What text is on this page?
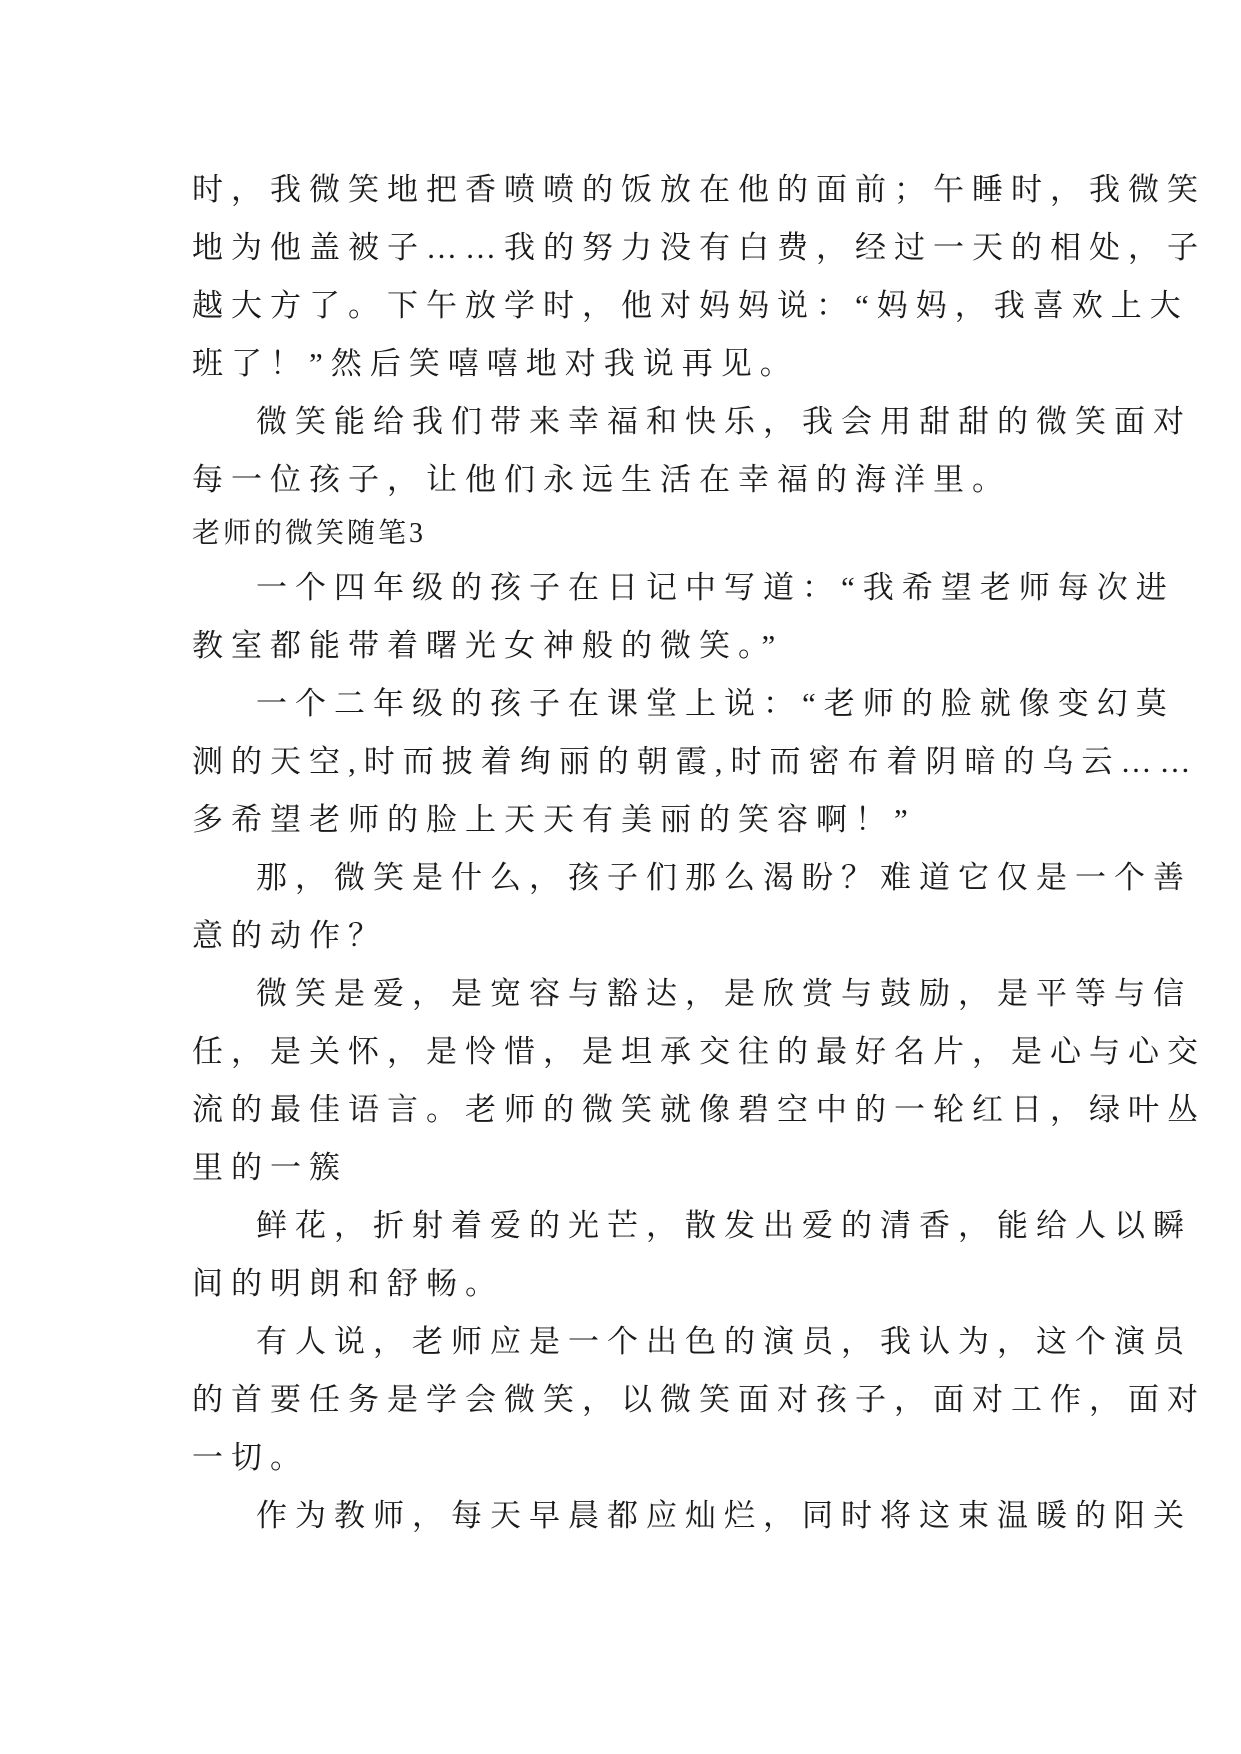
时，我微笑地把香喷喷的饭放在他的面前；午睡时，我微笑
地为他盖被子……我的努力没有白费，经过一天的相处，子
越大方了。下午放学时，他对妈妈说：“妈妈，我喜欢上大
班了！”然后笑嘻嘻地对我说再见。
微笑能给我们带来幸福和快乐，我会用甜甜的微笑面对
每一位孩子，让他们永远生活在幸福的海洋里。
老师的微笑随笔3
一个四年级的孩子在日记中写道：“我希望老师每次进
教室都能带着曙光女神般的微笑。”
一个二年级的孩子在课堂上说：“老师的脸就像变幻莫
测的天空,时而披着绚丽的朝霞,时而密布着阴暗的乌云……
多希望老师的脸上天天有美丽的笑容啊！”
那，微笑是什么，孩子们那么渴盼？难道它仅是一个善
意的动作？
微笑是爱，是宽容与豁达，是欣赏与鼓励，是平等与信
任，是关怀，是怜惜，是坦承交往的最好名片，是心与心交
流的最佳语言。老师的微笑就像碧空中的一轮红日，绿叶丛
里的一簇
鲜花，折射着爱的光芒，散发出爱的清香，能给人以瞬
间的明朗和舒畅。
有人说，老师应是一个出色的演员，我认为，这个演员
的首要任务是学会微笑，以微笑面对孩子，面对工作，面对
一切。
作为教师，每天早晨都应灿烂，同时将这束温暖的阳关
